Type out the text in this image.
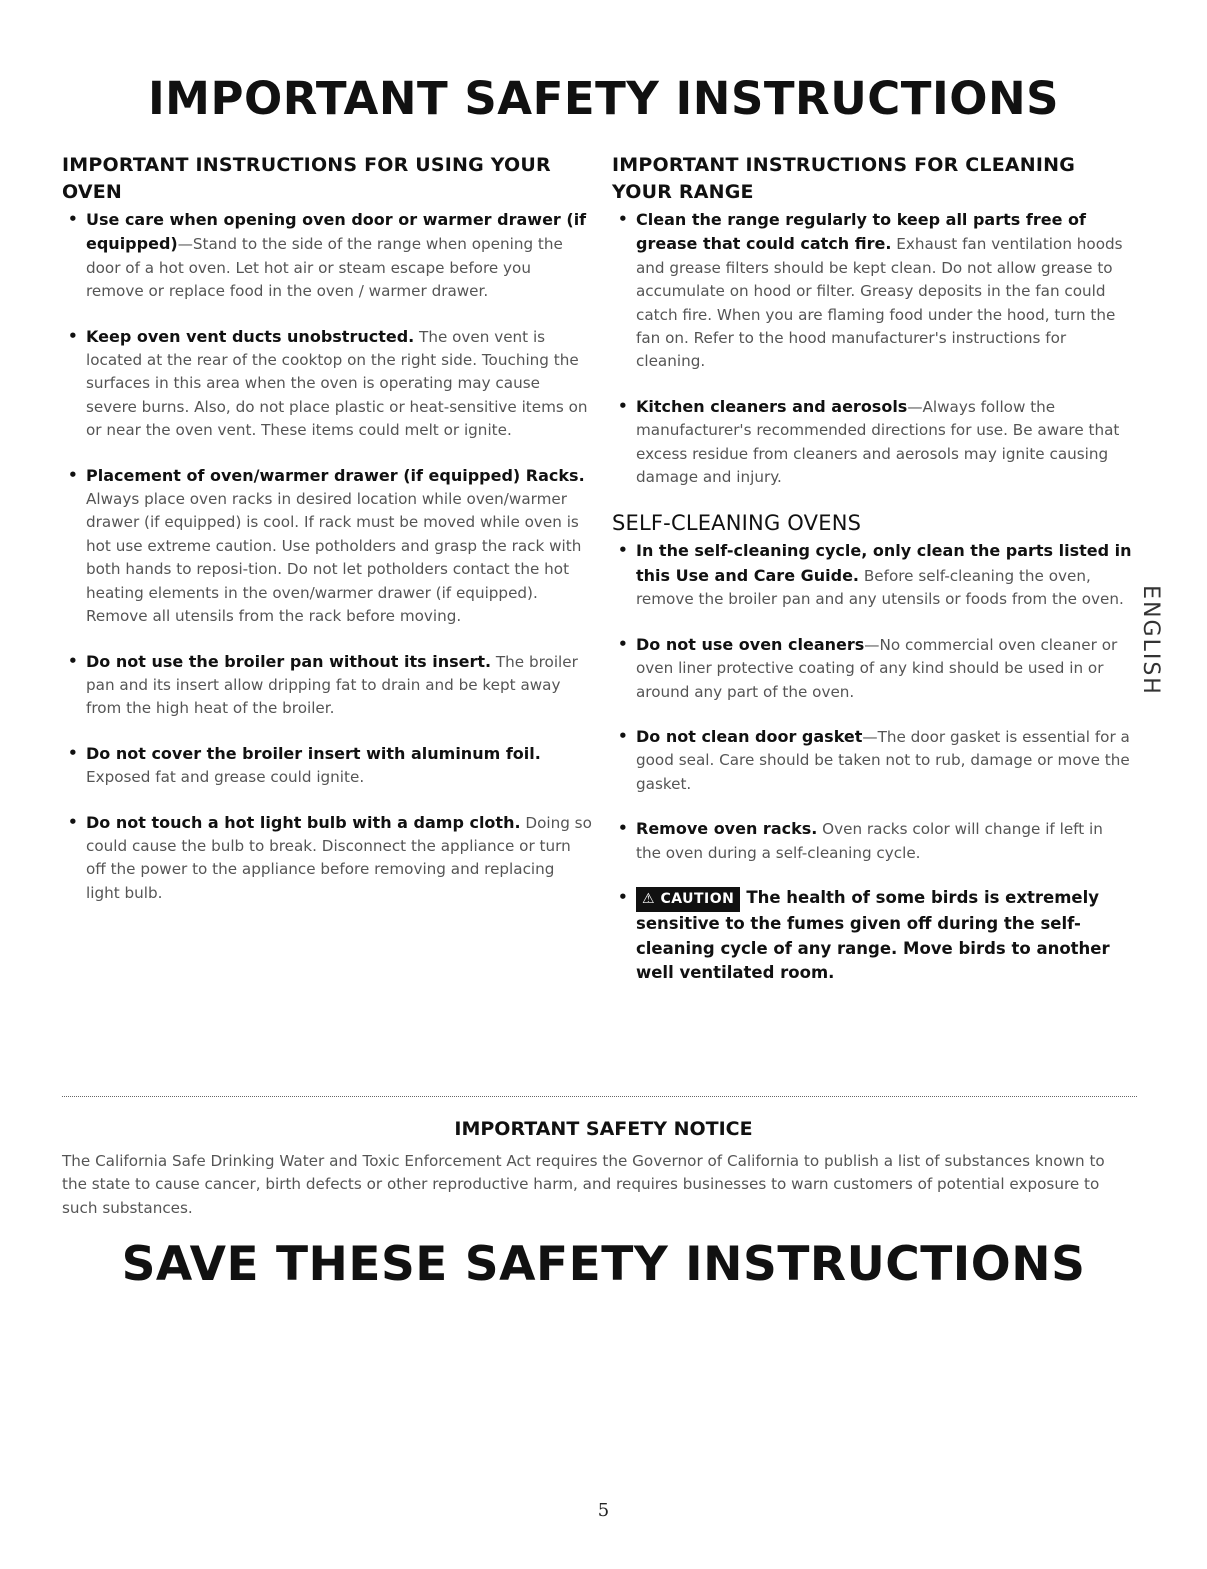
IMPORTANT SAFETY INSTRUCTIONS
IMPORTANT INSTRUCTIONS FOR USING YOUR OVEN
• Use care when opening oven door or warmer drawer (if equipped)—Stand to the side of the range when opening the door of a hot oven. Let hot air or steam escape before you remove or replace food in the oven / warmer drawer.
• Keep oven vent ducts unobstructed. The oven vent is located at the rear of the cooktop on the right side. Touching the surfaces in this area when the oven is operating may cause severe burns. Also, do not place plastic or heat-sensitive items on or near the oven vent. These items could melt or ignite.
• Placement of oven/warmer drawer (if equipped) Racks. Always place oven racks in desired location while oven/warmer drawer (if equipped) is cool. If rack must be moved while oven is hot use extreme caution. Use potholders and grasp the rack with both hands to reposi-tion. Do not let potholders contact the hot heating elements in the oven/warmer drawer (if equipped). Remove all utensils from the rack before moving.
• Do not use the broiler pan without its insert. The broiler pan and its insert allow dripping fat to drain and be kept away from the high heat of the broiler.
• Do not cover the broiler insert with aluminum foil. Exposed fat and grease could ignite.
• Do not touch a hot light bulb with a damp cloth. Doing so could cause the bulb to break. Disconnect the appliance or turn off the power to the appliance before removing and replacing light bulb.
IMPORTANT INSTRUCTIONS FOR CLEANING YOUR RANGE
• Clean the range regularly to keep all parts free of grease that could catch fire. Exhaust fan ventilation hoods and grease filters should be kept clean. Do not allow grease to accumulate on hood or filter. Greasy deposits in the fan could catch fire. When you are flaming food under the hood, turn the fan on. Refer to the hood manufacturer's instructions for cleaning.
• Kitchen cleaners and aerosols—Always follow the manufacturer's recommended directions for use. Be aware that excess residue from cleaners and aerosols may ignite causing damage and injury.
SELF-CLEANING OVENS
• In the self-cleaning cycle, only clean the parts listed in this Use and Care Guide. Before self-cleaning the oven, remove the broiler pan and any utensils or foods from the oven.
• Do not use oven cleaners—No commercial oven cleaner or oven liner protective coating of any kind should be used in or around any part of the oven.
• Do not clean door gasket—The door gasket is essential for a good seal. Care should be taken not to rub, damage or move the gasket.
• Remove oven racks. Oven racks color will change if left in the oven during a self-cleaning cycle.
• ⚠ CAUTION The health of some birds is extremely sensitive to the fumes given off during the self-cleaning cycle of any range. Move birds to another well ventilated room.
ENGLISH
IMPORTANT SAFETY NOTICE
The California Safe Drinking Water and Toxic Enforcement Act requires the Governor of California to publish a list of substances known to the state to cause cancer, birth defects or other reproductive harm, and requires businesses to warn customers of potential exposure to such substances.
SAVE THESE SAFETY INSTRUCTIONS
5
